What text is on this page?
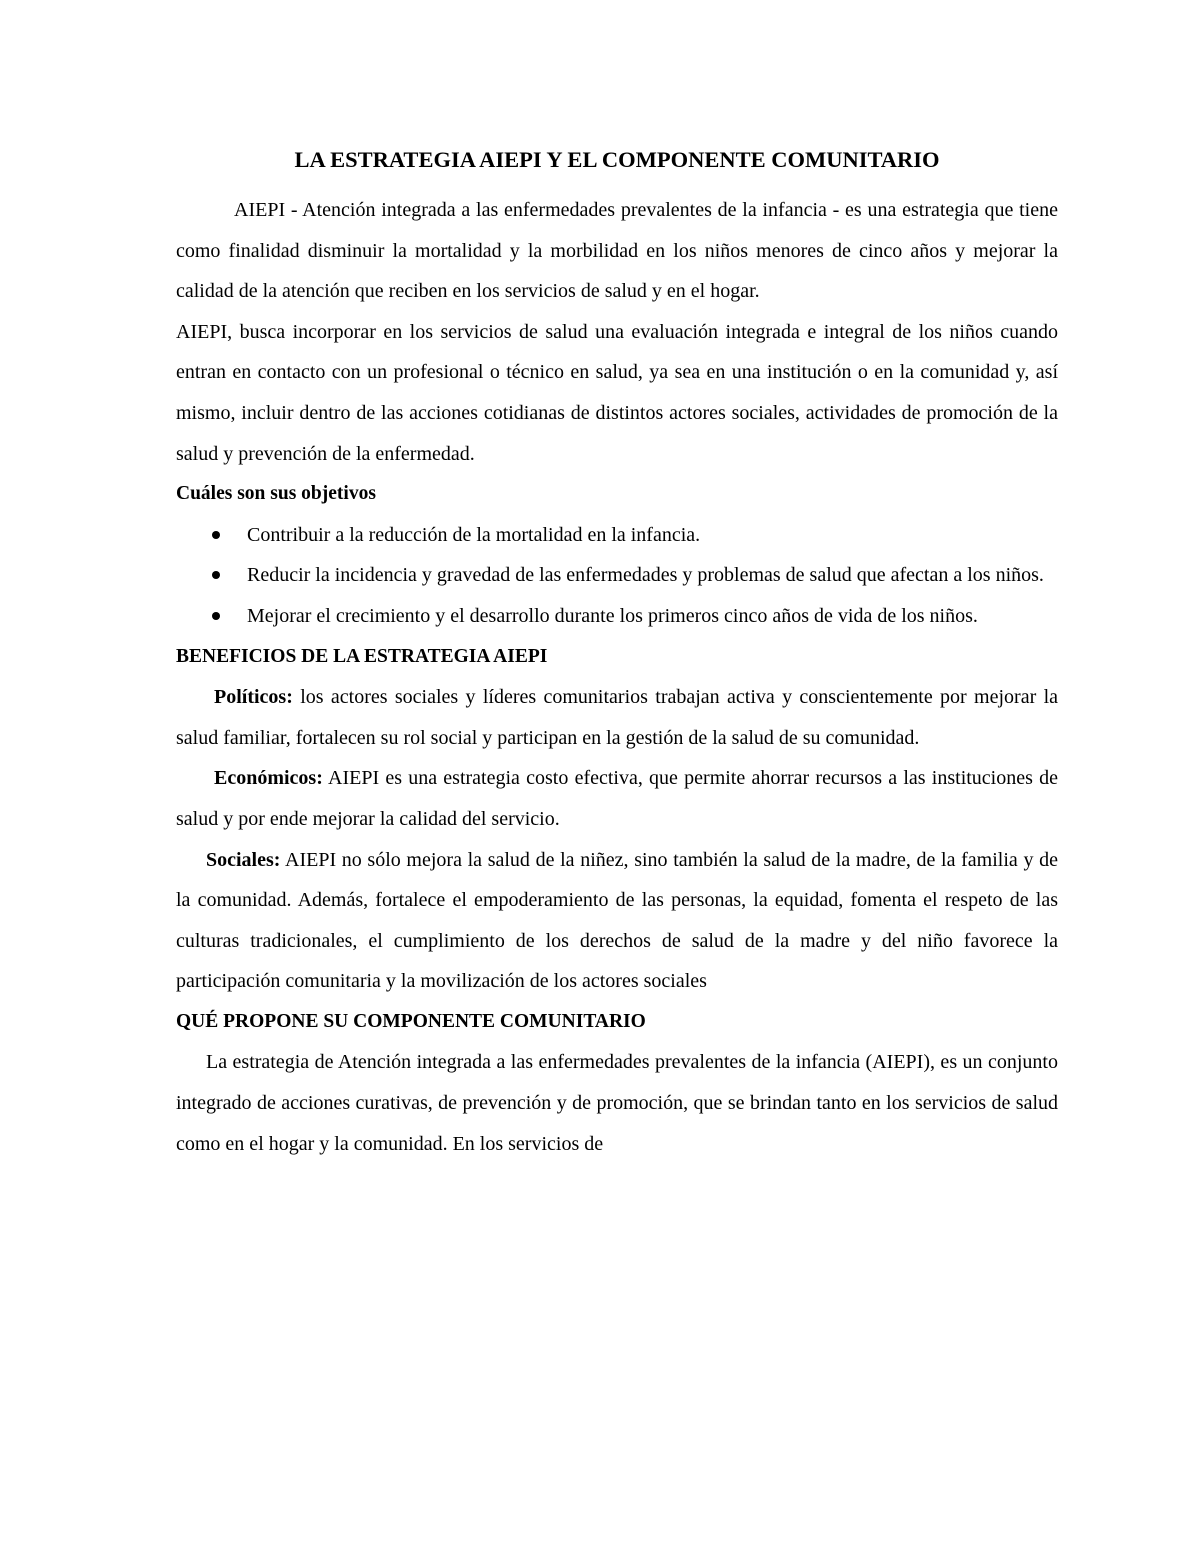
LA ESTRATEGIA AIEPI Y EL COMPONENTE COMUNITARIO

AIEPI - Atención integrada a las enfermedades prevalentes de la infancia - es una estrategia que tiene como finalidad disminuir la mortalidad y la morbilidad en los niños menores de cinco años y mejorar la calidad de la atención que reciben en los servicios de salud y en el hogar.

AIEPI, busca incorporar en los servicios de salud una evaluación integrada e integral de los niños cuando entran en contacto con un profesional o técnico en salud, ya sea en una institución o en la comunidad y, así mismo, incluir dentro de las acciones cotidianas de distintos actores sociales, actividades de promoción de la salud y prevención de la enfermedad.

Cuáles son sus objetivos
Contribuir a la reducción de la mortalidad en la infancia.
Reducir la incidencia y gravedad de las enfermedades y problemas de salud que afectan a los niños.
Mejorar el crecimiento y el desarrollo durante los primeros cinco años de vida de los niños.
BENEFICIOS DE LA ESTRATEGIA AIEPI

Políticos: los actores sociales y líderes comunitarios trabajan activa y conscientemente por mejorar la salud familiar, fortalecen su rol social y participan en la gestión de la salud de su comunidad.

Económicos: AIEPI es una estrategia costo efectiva, que permite ahorrar recursos a las instituciones de salud y por ende mejorar la calidad del servicio.

Sociales: AIEPI no sólo mejora la salud de la niñez, sino también la salud de la madre, de la familia y de la comunidad. Además, fortalece el empoderamiento de las personas, la equidad, fomenta el respeto de las culturas tradicionales, el cumplimiento de los derechos de salud de la madre y del niño favorece la participación comunitaria y la movilización de los actores sociales

QUÉ PROPONE SU COMPONENTE COMUNITARIO

La estrategia de Atención integrada a las enfermedades prevalentes de la infancia (AIEPI), es un conjunto integrado de acciones curativas, de prevención y de promoción, que se brindan tanto en los servicios de salud como en el hogar y la comunidad. En los servicios de
